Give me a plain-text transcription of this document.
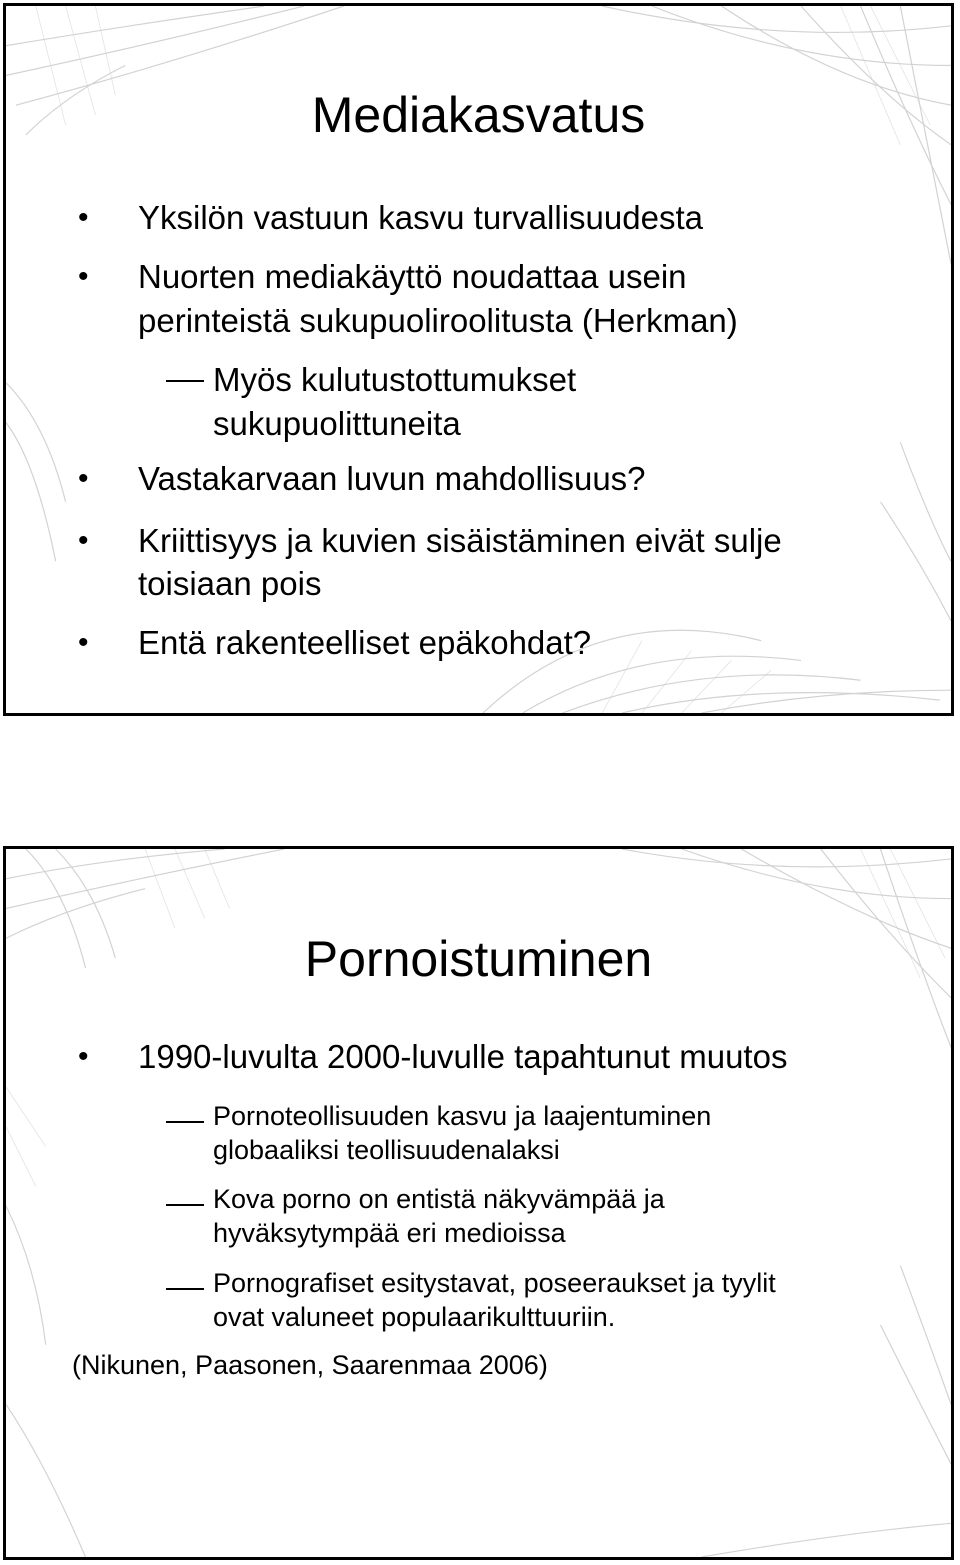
Mediakasvatus
• Yksilön vastuun kasvu turvallisuudesta
• Nuorten mediakäyttö noudattaa usein
perinteistä sukupuoliroolitusta (Herkman)
Myös kulutustottumukset
sukupuolittuneita
• Vastakarvaan luvun mahdollisuus?
• Kriittisyys ja kuvien sisäistäminen eivät sulje
toisiaan pois
• Entä rakenteelliset epäkohdat?
Pornoistuminen
• 1990-luvulta 2000-luvulle tapahtunut muutos
Pornoteollisuuden kasvu ja laajentuminen
globaaliksi teollisuudenalaksi
Kova porno on entistä näkyvämpää ja
hyväksytympää eri medioissa
Pornografiset esitystavat, poseeraukset ja tyylit
ovat valuneet populaarikulttuuriin.
(Nikunen, Paasonen, Saarenmaa 2006)
